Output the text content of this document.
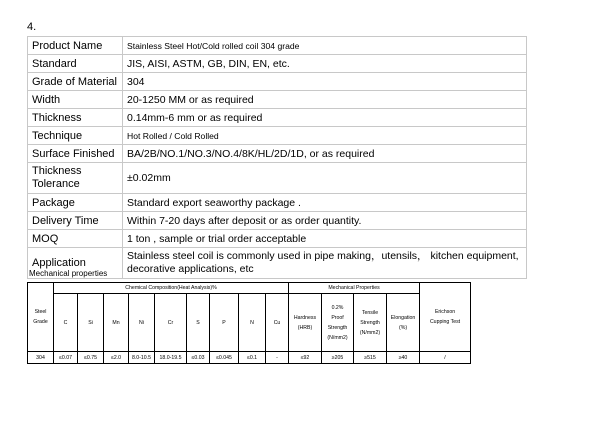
4.
Product Name	Stainless Steel Hot/Cold rolled coil 304 grade
Standard	JIS, AISI, ASTM, GB, DIN, EN, etc.
Grade of Material	304
Width	20-1250 MM or as required
Thickness	0.14mm-6 mm or as required
Technique	Hot Rolled / Cold Rolled
Surface Finished	BA/2B/NO.1/NO.3/NO.4/8K/HL/2D/1D, or as required
Thickness Tolerance	±0.02mm
Package	Standard export seaworthy package .
Delivery Time	Within 7-20 days after deposit or as order quantity.
MOQ	1 ton , sample or trial order acceptable
Application	Stainless steel coil is commonly used in pipe making，utensils， kitchen equipment, decorative applications, etc
Mechanical properties
Steel Grade	Chemical Composition(Heat Analysis)%									Mechanical Properties				Erichson Cupping Test
	C	Si	Mn	Ni	Cr	S	P	N	Cu	Hardness (HRB)	0.2% Proof Strength (N/mm2)	Tensile Strength (N/mm2)	Elongation (%)	
304	≤0.07	≤0.75	≤2.0	8.0-10.5	18.0-19.5	≤0.03	≤0.045	≤0.1	-	≤92	≥205	≥515	≥40	/
